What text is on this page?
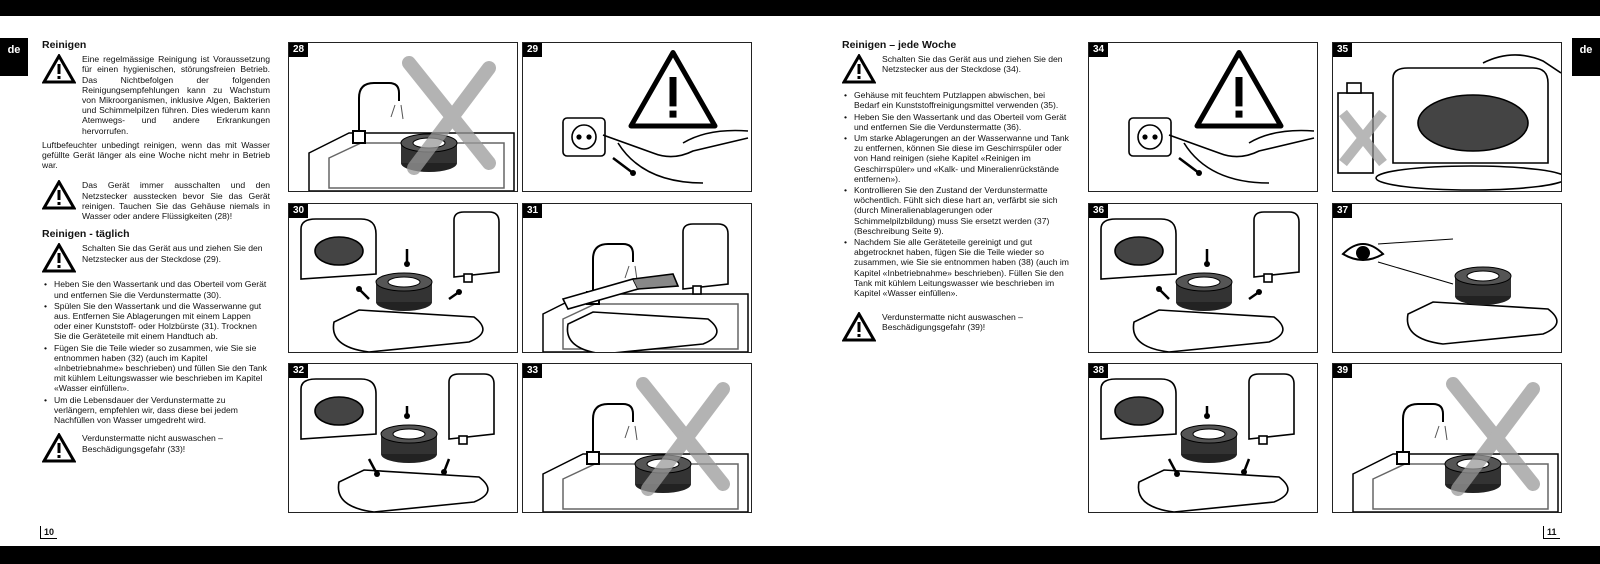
de	de
10	11
Reinigen

Eine regelmässige Reinigung ist Voraussetzung für einen hygienischen, störungsfreien Betrieb. Das Nichtbefolgen der folgenden Reinigungsempfehlungen kann zu Wachstum von Mikroorganismen, inklusive Algen, Bakterien und Schimmelpilzen führen. Dies wiederum kann Atemwegs- und andere Erkrankungen hervorrufen.

Luftbefeuchter unbedingt reinigen, wenn das mit Wasser gefüllte Gerät länger als eine Woche nicht mehr in Betrieb war.

Das Gerät immer ausschalten und den Netzstecker ausstecken bevor Sie das Gerät reinigen. Tauchen Sie das Gehäuse niemals in Wasser oder andere Flüssigkeiten (28)!

Reinigen - täglich

Schalten Sie das Gerät aus und ziehen Sie den Netzstecker aus der Steckdose (29).

• Heben Sie den Wassertank und das Oberteil vom Gerät und entfernen Sie die Verdunstermatte (30).
• Spülen Sie den Wassertank und die Wasserwanne gut aus. Entfernen Sie Ablagerungen mit einem Lappen oder einer Kunststoff- oder Holzbürste (31). Trocknen Sie die Geräteteile mit einem Handtuch ab.
• Fügen Sie die Teile wieder so zusammen, wie Sie sie entnommen haben (32) (auch im Kapitel «Inbetriebnahme» beschrieben) und füllen Sie den Tank mit kühlem Leitungswasser wie beschrieben im Kapitel «Wasser einfüllen».
• Um die Lebensdauer der Verdunstermatte zu verlängern, empfehlen wir, dass diese bei jedem Nachfüllen von Wasser umgedreht wird.

Verdunstermatte nicht auswaschen – Beschädigungsgefahr (33)!

Reinigen – jede Woche

Schalten Sie das Gerät aus und ziehen Sie den Netzstecker aus der Steckdose (34).

• Gehäuse mit feuchtem Putzlappen abwischen, bei Bedarf ein Kunststoffreinigungsmittel verwenden (35).
• Heben Sie den Wassertank und das Oberteil vom Gerät und entfernen Sie die Verdunstermatte (36).
• Um starke Ablagerungen an der Wasserwanne und Tank zu entfernen, können Sie diese im Geschirrspüler oder von Hand reinigen (siehe Kapitel «Reinigen im Geschirrspüler» und «Kalk- und Mineralienrückstände entfernen»).
• Kontrollieren Sie den Zustand der Verdunstermatte wöchentlich. Fühlt sich diese hart an, verfärbt sie sich (durch Mineralienablagerungen oder Schimmelpilzbildung) muss Sie ersetzt werden (37) (Beschreibung Seite 9).
• Nachdem Sie alle Geräteteile gereinigt und gut abgetrocknet haben, fügen Sie die Teile wieder so zusammen, wie Sie sie entnommen haben (38) (auch im Kapitel «Inbetriebnahme» beschrieben). Füllen Sie den Tank mit kühlem Leitungswasser wie beschrieben im Kapitel «Wasser einfüllen».

Verdunstermatte nicht auswaschen – Beschädigungsgefahr (39)!

28	29
30	31
32	33
34	35
36	37
38	39
